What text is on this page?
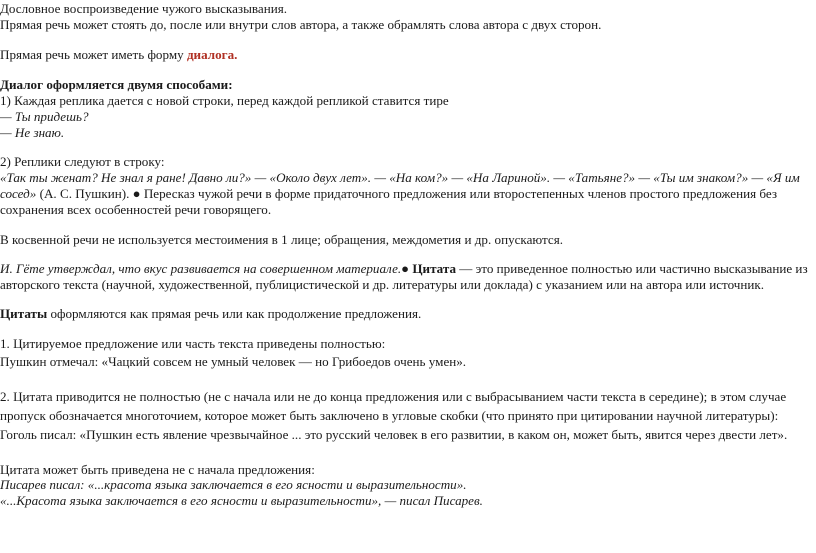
Дословное воспроизведение чужого высказывания.
Прямая речь может стоять до, после или внутри слов автора, а также обрамлять слова автора с двух сторон.
Прямая речь может иметь форму диалога.
Диалог оформляется двумя способами:
1) Каждая реплика дается с новой строки, перед каждой репликой ставится тире
— Ты придешь?
— Не знаю.
2) Реплики следуют в строку:
«Так ты женат? Не знал я ране! Давно ли?» — «Около двух лет». — «На ком?» — «На Лариной». — «Татьяне?» — «Ты им знаком?» — «Я им
сосед» (А. С. Пушкин). ● Пересказ чужой речи в форме придаточного предложения или второстепенных членов простого предложения без
сохранения всех особенностей речи говорящего.
В косвенной речи не используется местоимения в 1 лице; обращения, междометия и др. опускаются.
И. Гёте утверждал, что вкус развивается на совершенном материале.● Цитата — это приведенное полностью или частично высказывание из
авторского текста (научной, художественной, публицистической и др. литературы или доклада) с указанием или на автора или источник.
Цитаты оформляются как прямая речь или как продолжение предложения.
1. Цитируемое предложение или часть текста приведены полностью:
Пушкин отмечал: «Чацкий совсем не умный человек — но Грибоедов очень умен».
2. Цитата приводится не полностью (не с начала или не до конца предложения или с выбрасыванием части текста в середине); в этом случае
пропуск обозначается многоточием, которое может быть заключено в угловые скобки (что принято при цитировании научной литературы):
Гоголь писал: «Пушкин есть явление чрезвычайное ... это русский человек в его развитии, в каком он, может быть, явится через двести лет».
Цитата может быть приведена не с начала предложения:
Писарев писал: «...красота языка заключается в его ясности и выразительности».
«...Красота языка заключается в его ясности и выразительности», — писал Писарев.
